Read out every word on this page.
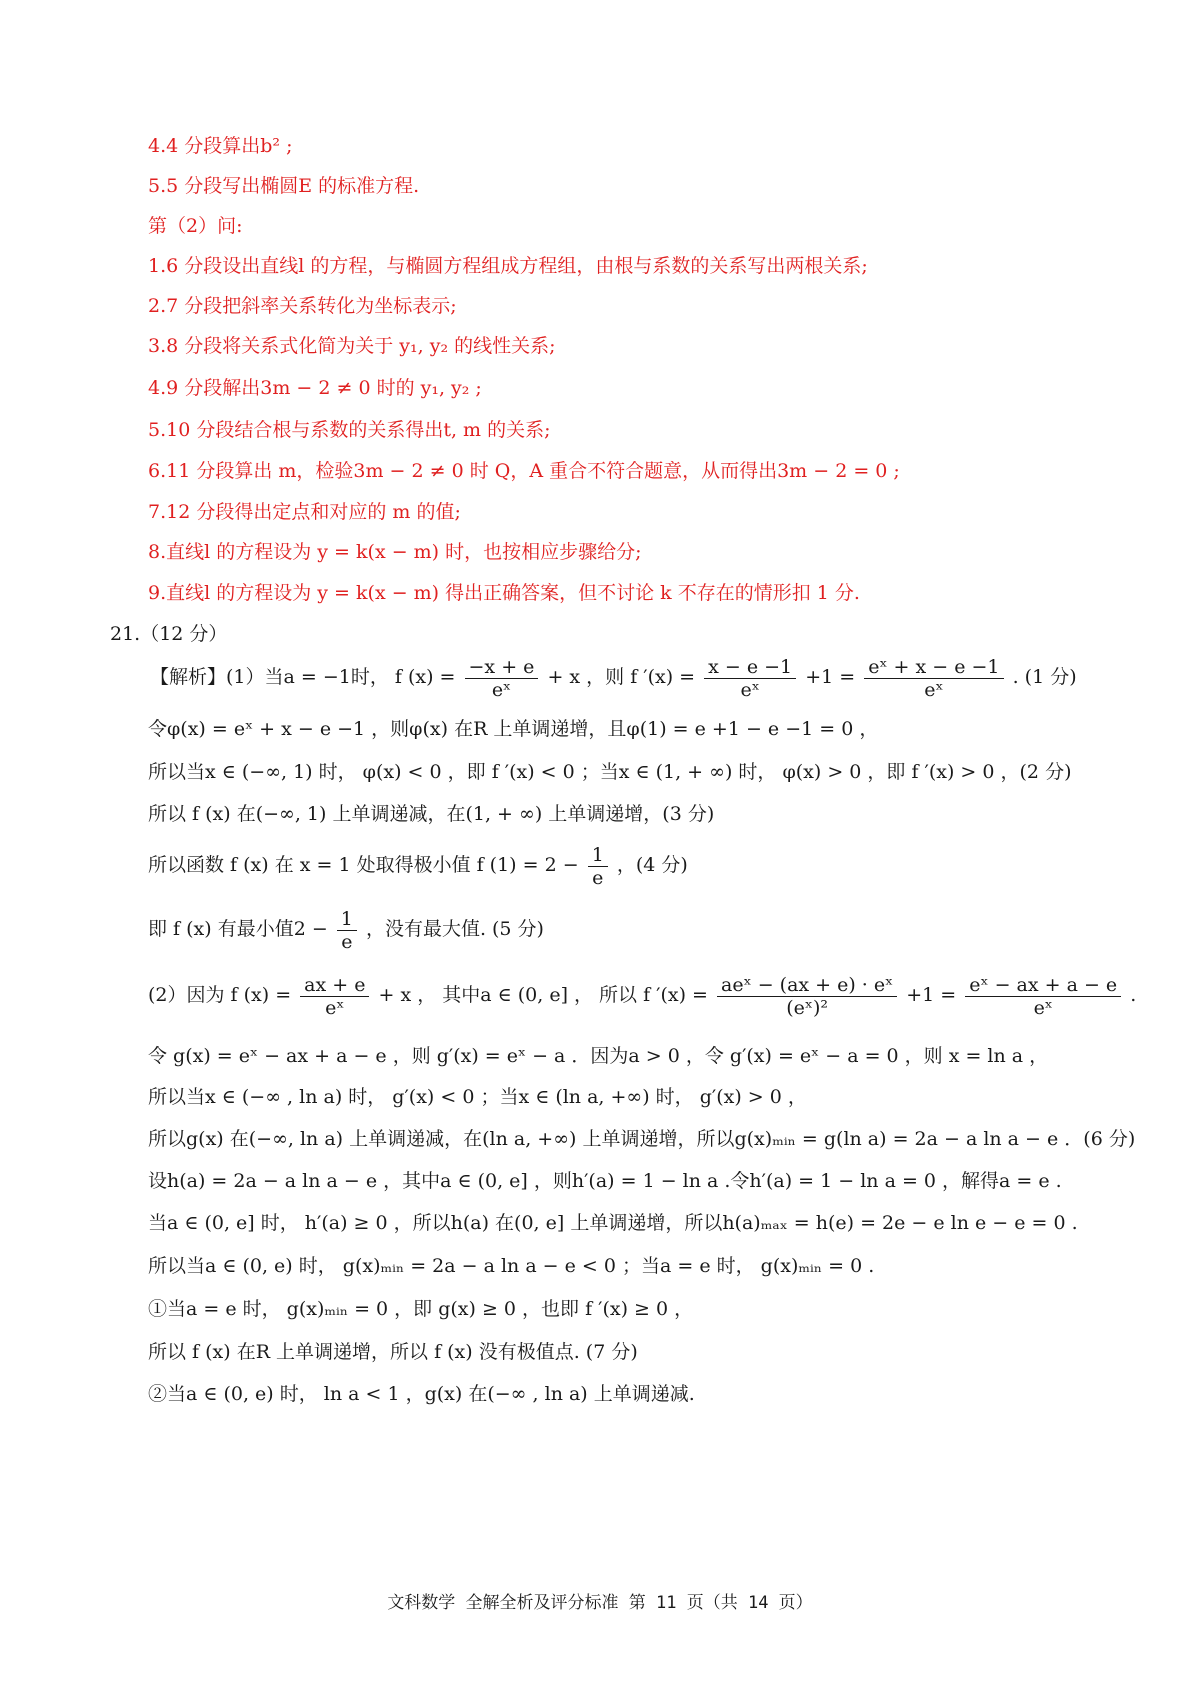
4.4 分段算出b² ;
5.5 分段写出椭圆E 的标准方程.
第（2）问:
1.6 分段设出直线l 的方程，与椭圆方程组成方程组，由根与系数的关系写出两根关系;
2.7 分段把斜率关系转化为坐标表示;
3.8 分段将关系式化简为关于 y₁, y₂ 的线性关系;
4.9 分段解出3m − 2 ≠ 0 时的 y₁, y₂ ;
5.10 分段结合根与系数的关系得出t, m 的关系;
6.11 分段算出 m，检验3m − 2 ≠ 0 时 Q，A 重合不符合题意，从而得出3m − 2 = 0 ;
7.12 分段得出定点和对应的 m 的值;
8.直线l 的方程设为 y = k(x − m) 时，也按相应步骤给分;
9.直线l 的方程设为 y = k(x − m) 得出正确答案，但不讨论 k 不存在的情形扣 1 分.
21.（12 分）
【解析】(1）当a = −1时， f $(x) = \frac{-x + e}{\text{eˣ}} + x$ ，则 f $'(x) = \frac{x - e -1}{\text{eˣ}} +1 = \frac{\text{eˣ + x − e −1}}{\text{eˣ}}$ . (1 分)
令φ(x) = eˣ + x − e −1 ，则φ(x) 在R 上单调递增，且φ(1) = e +1 − e −1 = 0 ，
所以当x ∈ (−∞, 1) 时， φ(x) < 0 ，即 f ′(x) < 0 ；当x ∈ (1, + ∞) 时， φ(x) > 0 ，即 f ′(x) > 0 ，(2 分)
所以 f (x) 在(−∞, 1) 上单调递减，在(1, + ∞) 上单调递增，(3 分)
所以函数 f (x) 在 x = 1 处取得极小值 f $(1) = 2 - \frac{1}{e}$ ，(4 分)
即 f (x) 有最小值$2 - \frac{1}{e}$ ，没有最大值. (5 分)
(2）因为 f $(x) = \frac{ax + e}{\text{eˣ}} + x$ ， 其中a ∈ (0, e] ， 所以 f $'(x) = \frac{\text{aeˣ − (ax + e) · eˣ}}{\text{(eˣ)²}} +1 = \frac{\text{eˣ − ax + a − e}}{\text{eˣ}}$ .
令 g(x) = eˣ − ax + a − e ，则 g′(x) = eˣ − a ．因为a > 0 ，令 g′(x) = eˣ − a = 0 ，则 x = ln a ，
所以当x ∈ (−∞ , ln a) 时， g′(x) < 0 ；当x ∈ (ln a, +∞) 时， g′(x) > 0 ，
所以g(x) 在(−∞, ln a) 上单调递减，在(ln a, +∞) 上单调递增，所以g(x)ₘᵢₙ = g(ln a) = 2a − a ln a − e ．(6 分)
设h(a) = 2a − a ln a − e ，其中a ∈ (0, e] ，则h′(a) = 1 − ln a .令h′(a) = 1 − ln a = 0 ，解得a = e .
当a ∈ (0, e] 时， h′(a) ≥ 0 ，所以h(a) 在(0, e] 上单调递增，所以h(a)ₘₐₓ = h(e) = 2e − e ln e − e = 0 .
所以当a ∈ (0, e) 时， g(x)ₘᵢₙ = 2a − a ln a − e < 0 ；当a = e 时， g(x)ₘᵢₙ = 0 .
①当a = e 时， g(x)ₘᵢₙ = 0 ，即 g(x) ≥ 0 ，也即 f ′(x) ≥ 0 ，
所以 f (x) 在R 上单调递增，所以 f (x) 没有极值点. (7 分)
②当a ∈ (0, e) 时， ln a < 1 ，g(x) 在(−∞ , ln a) 上单调递减.
文科数学 全解全析及评分标准 第 11 页（共 14 页）
